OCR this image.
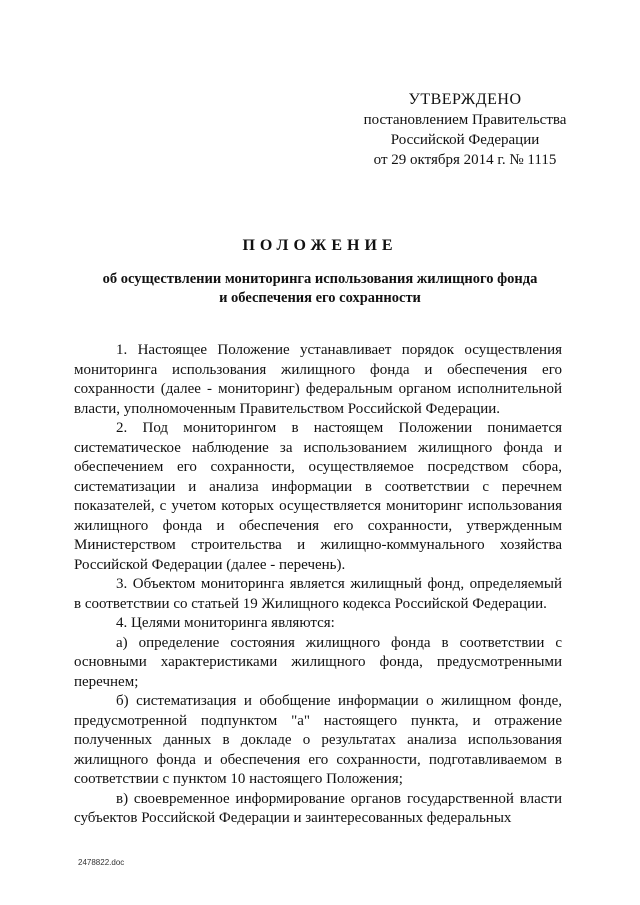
УТВЕРЖДЕНО
постановлением Правительства
Российской Федерации
от 29 октября 2014 г. № 1115
ПОЛОЖЕНИЕ
об осуществлении мониторинга использования жилищного фонда
и обеспечения его сохранности

1. Настоящее Положение устанавливает порядок осуществления мониторинга использования жилищного фонда и обеспечения его сохранности (далее - мониторинг) федеральным органом исполнительной власти, уполномоченным Правительством Российской Федерации.

2. Под мониторингом в настоящем Положении понимается систематическое наблюдение за использованием жилищного фонда и обеспечением его сохранности, осуществляемое посредством сбора, систематизации и анализа информации в соответствии с перечнем показателей, с учетом которых осуществляется мониторинг использования жилищного фонда и обеспечения его сохранности, утвержденным Министерством строительства и жилищно-коммунального хозяйства Российской Федерации (далее - перечень).

3. Объектом мониторинга является жилищный фонд, определяемый в соответствии со статьей 19 Жилищного кодекса Российской Федерации.

4. Целями мониторинга являются:

а) определение состояния жилищного фонда в соответствии с основными характеристиками жилищного фонда, предусмотренными перечнем;

б) систематизация и обобщение информации о жилищном фонде, предусмотренной подпунктом "а" настоящего пункта, и отражение полученных данных в докладе о результатах анализа использования жилищного фонда и обеспечения его сохранности, подготавливаемом в соответствии с пунктом 10 настоящего Положения;

в) своевременное информирование органов государственной власти субъектов Российской Федерации и заинтересованных федеральных

2478822.doc
